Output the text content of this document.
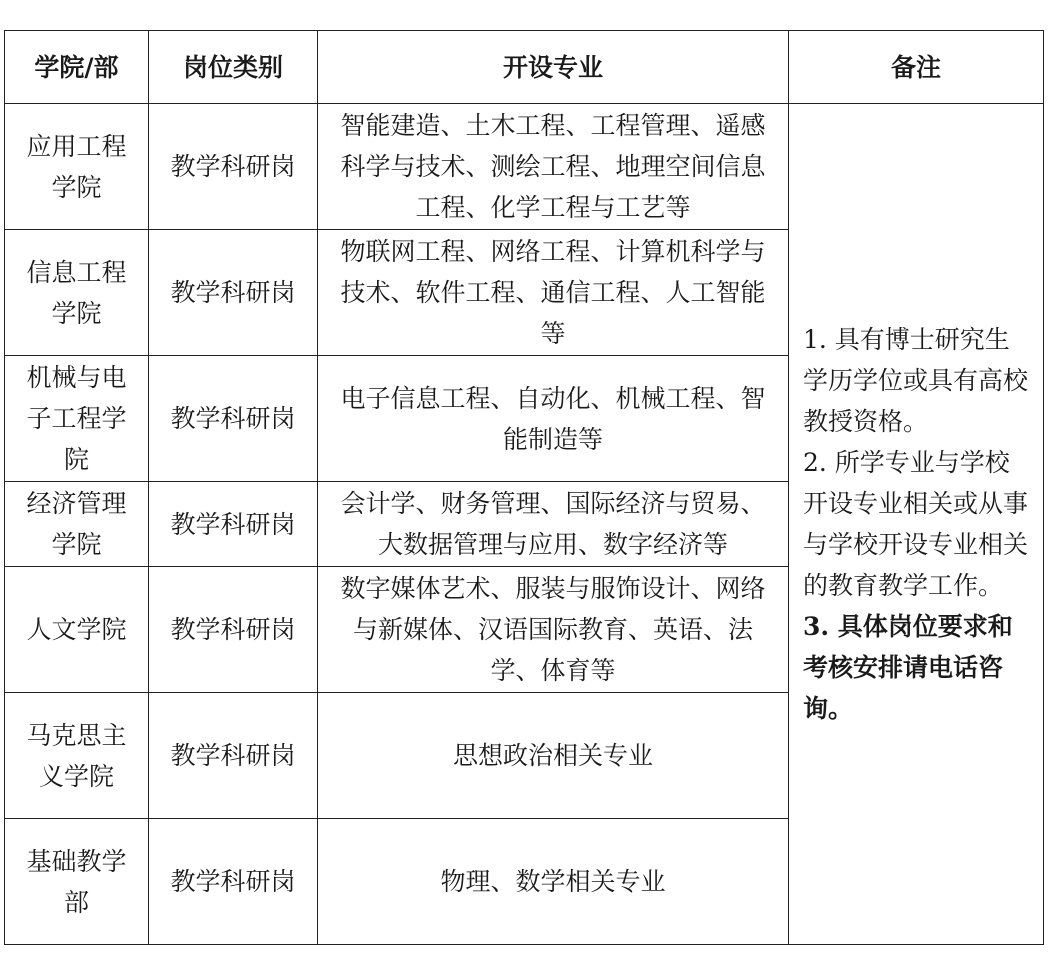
学院/部	岗位类别	开设专业	备注
应用工程学院	教学科研岗	智能建造、土木工程、工程管理、遥感科学与技术、测绘工程、地理空间信息工程、化学工程与工艺等	1. 具有博士研究生学历学位或具有高校教授资格。

2. 所学专业与学校开设专业相关或从事与学校开设专业相关的教育教学工作。

3. 具体岗位要求和考核安排请电话咨询。

信息工程学院	教学科研岗	物联网工程、网络工程、计算机科学与技术、软件工程、通信工程、人工智能等	
机械与电子工程学院	教学科研岗	电子信息工程、自动化、机械工程、智能制造等	
经济管理学院	教学科研岗	会计学、财务管理、国际经济与贸易、大数据管理与应用、数字经济等	
人文学院	教学科研岗	数字媒体艺术、服装与服饰设计、网络与新媒体、汉语国际教育、英语、法学、体育等	
马克思主义学院	教学科研岗	思想政治相关专业	
基础教学部	教学科研岗	物理、数学相关专业	
